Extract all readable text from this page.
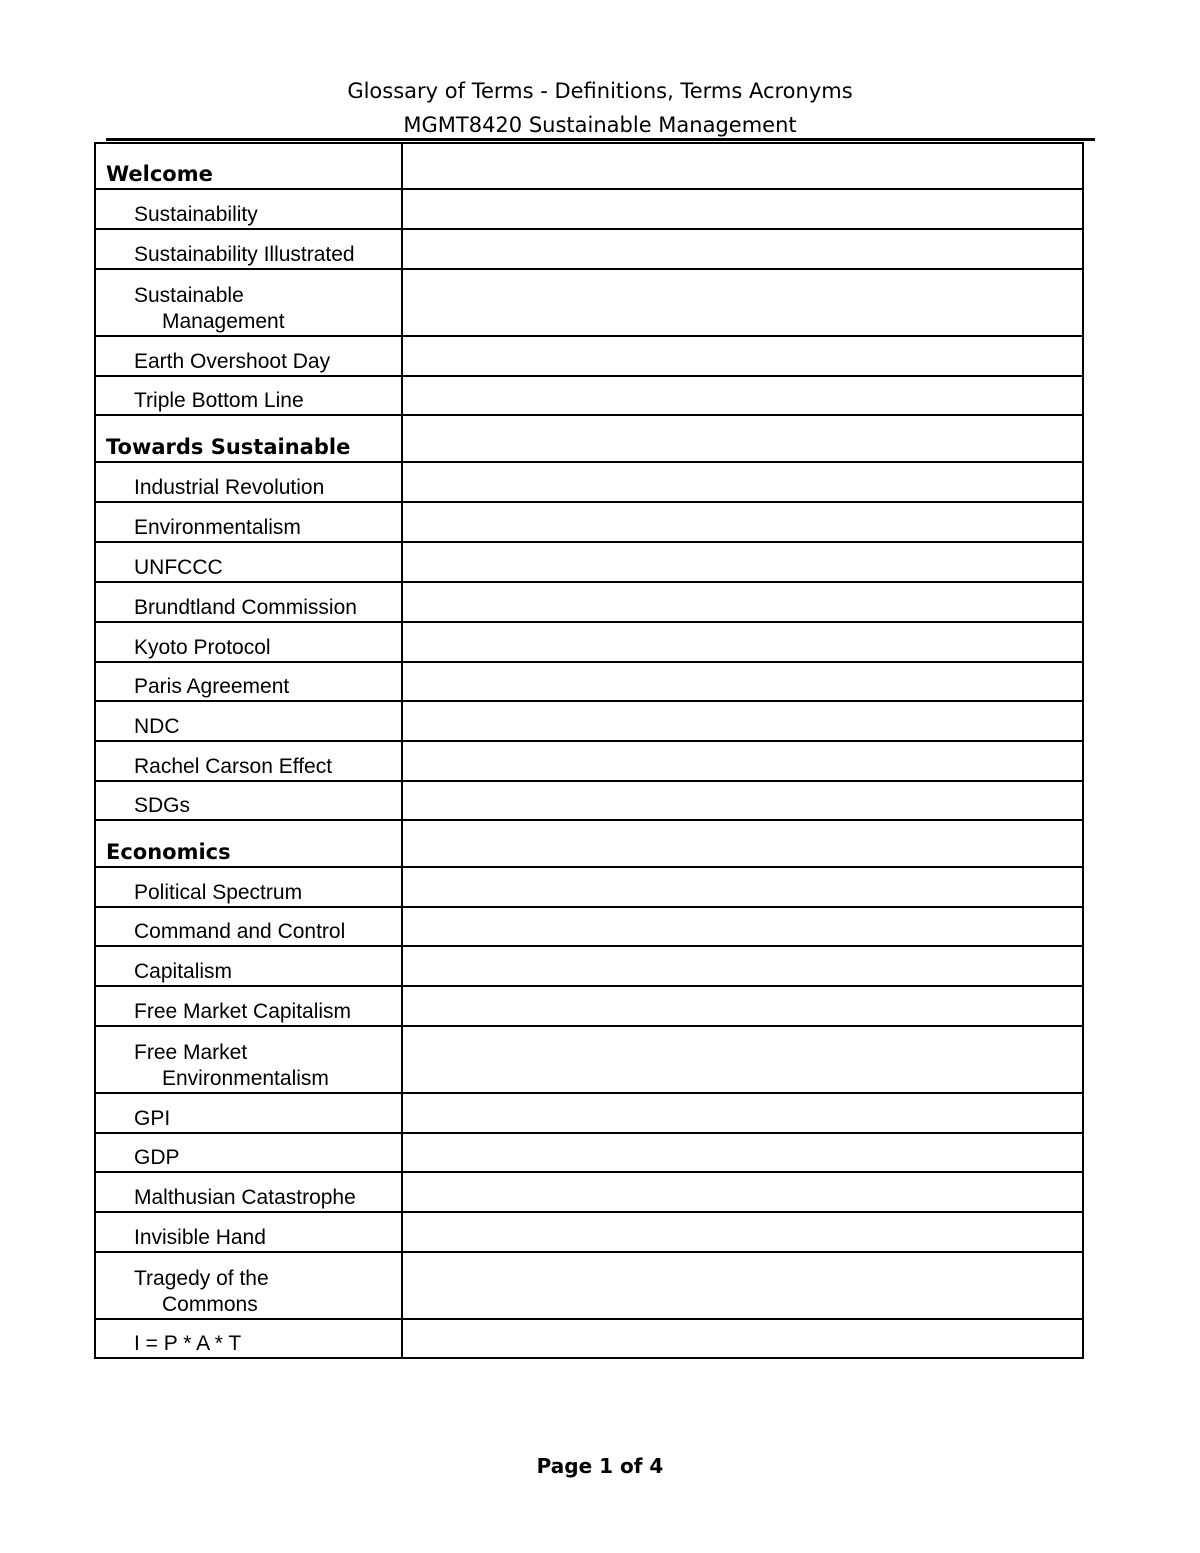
Glossary of Terms - Definitions, Terms Acronyms
MGMT8420 Sustainable Management
Welcome	

Sustainability	

Sustainability Illustrated	

Sustainable
Management	

Earth Overshoot Day	

Triple Bottom Line	

Towards Sustainable	

Industrial Revolution	

Environmentalism	

UNFCCC	

Brundtland Commission	

Kyoto Protocol	

Paris Agreement	

NDC	

Rachel Carson Effect	

SDGs	

Economics	

Political Spectrum	

Command and Control	

Capitalism	

Free Market Capitalism	

Free Market
Environmentalism	

GPI	

GDP	

Malthusian Catastrophe	

Invisible Hand	

Tragedy of the
Commons	

I = P * A * T	

Page 1 of 4
